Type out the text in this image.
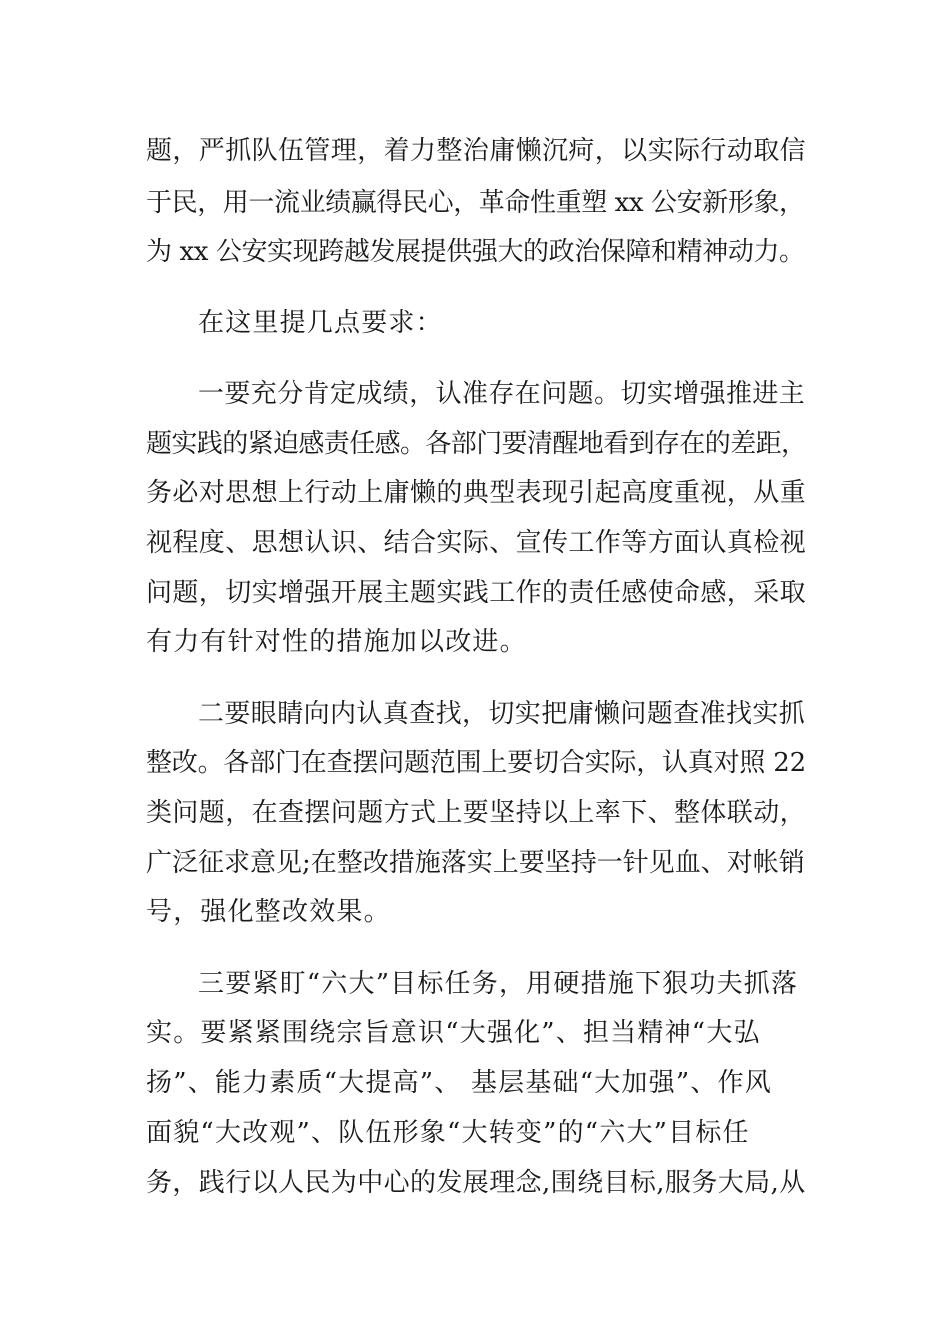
题，严抓队伍管理，着力整治庸懒沉疴，以实际行动取信
于民，用一流业绩赢得民心，革命性重塑 xx 公安新形象，
为 xx 公安实现跨越发展提供强大的政治保障和精神动力。
在这里提几点要求：
一要充分肯定成绩，认准存在问题。切实增强推进主
题实践的紧迫感责任感。各部门要清醒地看到存在的差距，
务必对思想上行动上庸懒的典型表现引起高度重视，从重
视程度、思想认识、结合实际、宣传工作等方面认真检视
问题，切实增强开展主题实践工作的责任感使命感，采取
有力有针对性的措施加以改进。
二要眼睛向内认真查找，切实把庸懒问题查准找实抓
整改。各部门在查摆问题范围上要切合实际，认真对照 22
类问题，在查摆问题方式上要坚持以上率下、整体联动，
广泛征求意见;在整改措施落实上要坚持一针见血、对帐销
号，强化整改效果。
三要紧盯“六大”目标任务，用硬措施下狠功夫抓落
实。要紧紧围绕宗旨意识“大强化”、担当精神“大弘
扬”、能力素质“大提高”、 基层基础“大加强”、作风
面貌“大改观”、队伍形象“大转变”的“六大”目标任
务，践行以人民为中心的发展理念,围绕目标,服务大局,从
